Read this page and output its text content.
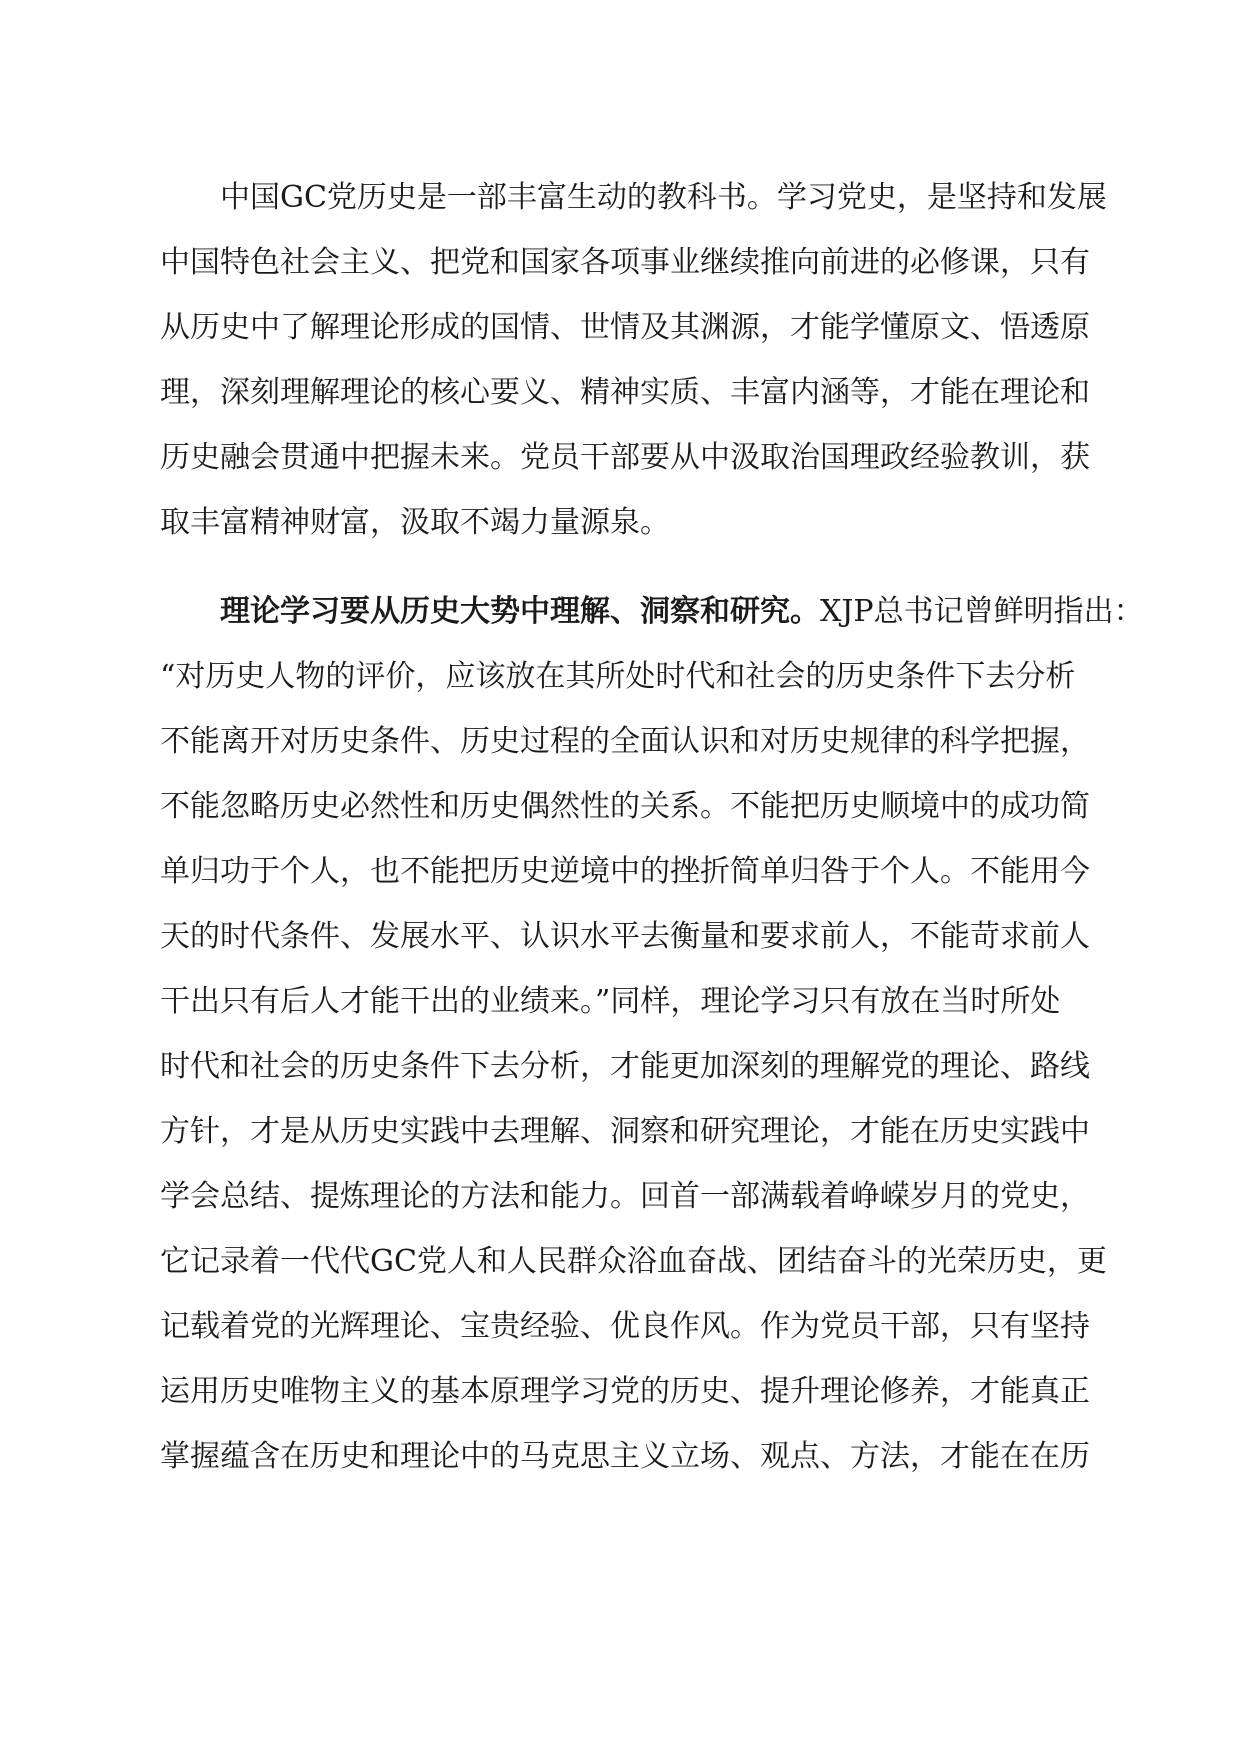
中国GC党历史是一部丰富生动的教科书。学习党史，是坚持和发展
中国特色社会主义、把党和国家各项事业继续推向前进的必修课，只有
从历史中了解理论形成的国情、世情及其渊源，才能学懂原文、悟透原
理，深刻理解理论的核心要义、精神实质、丰富内涵等，才能在理论和
历史融会贯通中把握未来。党员干部要从中汲取治国理政经验教训，获
取丰富精神财富，汲取不竭力量源泉。
理论学习要从历史大势中理解、洞察和研究。XJP总书记曾鲜明指出：
“对历史人物的评价，应该放在其所处时代和社会的历史条件下去分析
不能离开对历史条件、历史过程的全面认识和对历史规律的科学把握，
不能忽略历史必然性和历史偶然性的关系。不能把历史顺境中的成功简
单归功于个人，也不能把历史逆境中的挫折简单归咎于个人。不能用今
天的时代条件、发展水平、认识水平去衡量和要求前人，不能苛求前人
干出只有后人才能干出的业绩来。”同样，理论学习只有放在当时所处
时代和社会的历史条件下去分析，才能更加深刻的理解党的理论、路线
方针，才是从历史实践中去理解、洞察和研究理论，才能在历史实践中
学会总结、提炼理论的方法和能力。回首一部满载着峥嵘岁月的党史，
它记录着一代代GC党人和人民群众浴血奋战、团结奋斗的光荣历史，更
记载着党的光辉理论、宝贵经验、优良作风。作为党员干部，只有坚持
运用历史唯物主义的基本原理学习党的历史、提升理论修养，才能真正
掌握蕴含在历史和理论中的马克思主义立场、观点、方法，才能在在历
